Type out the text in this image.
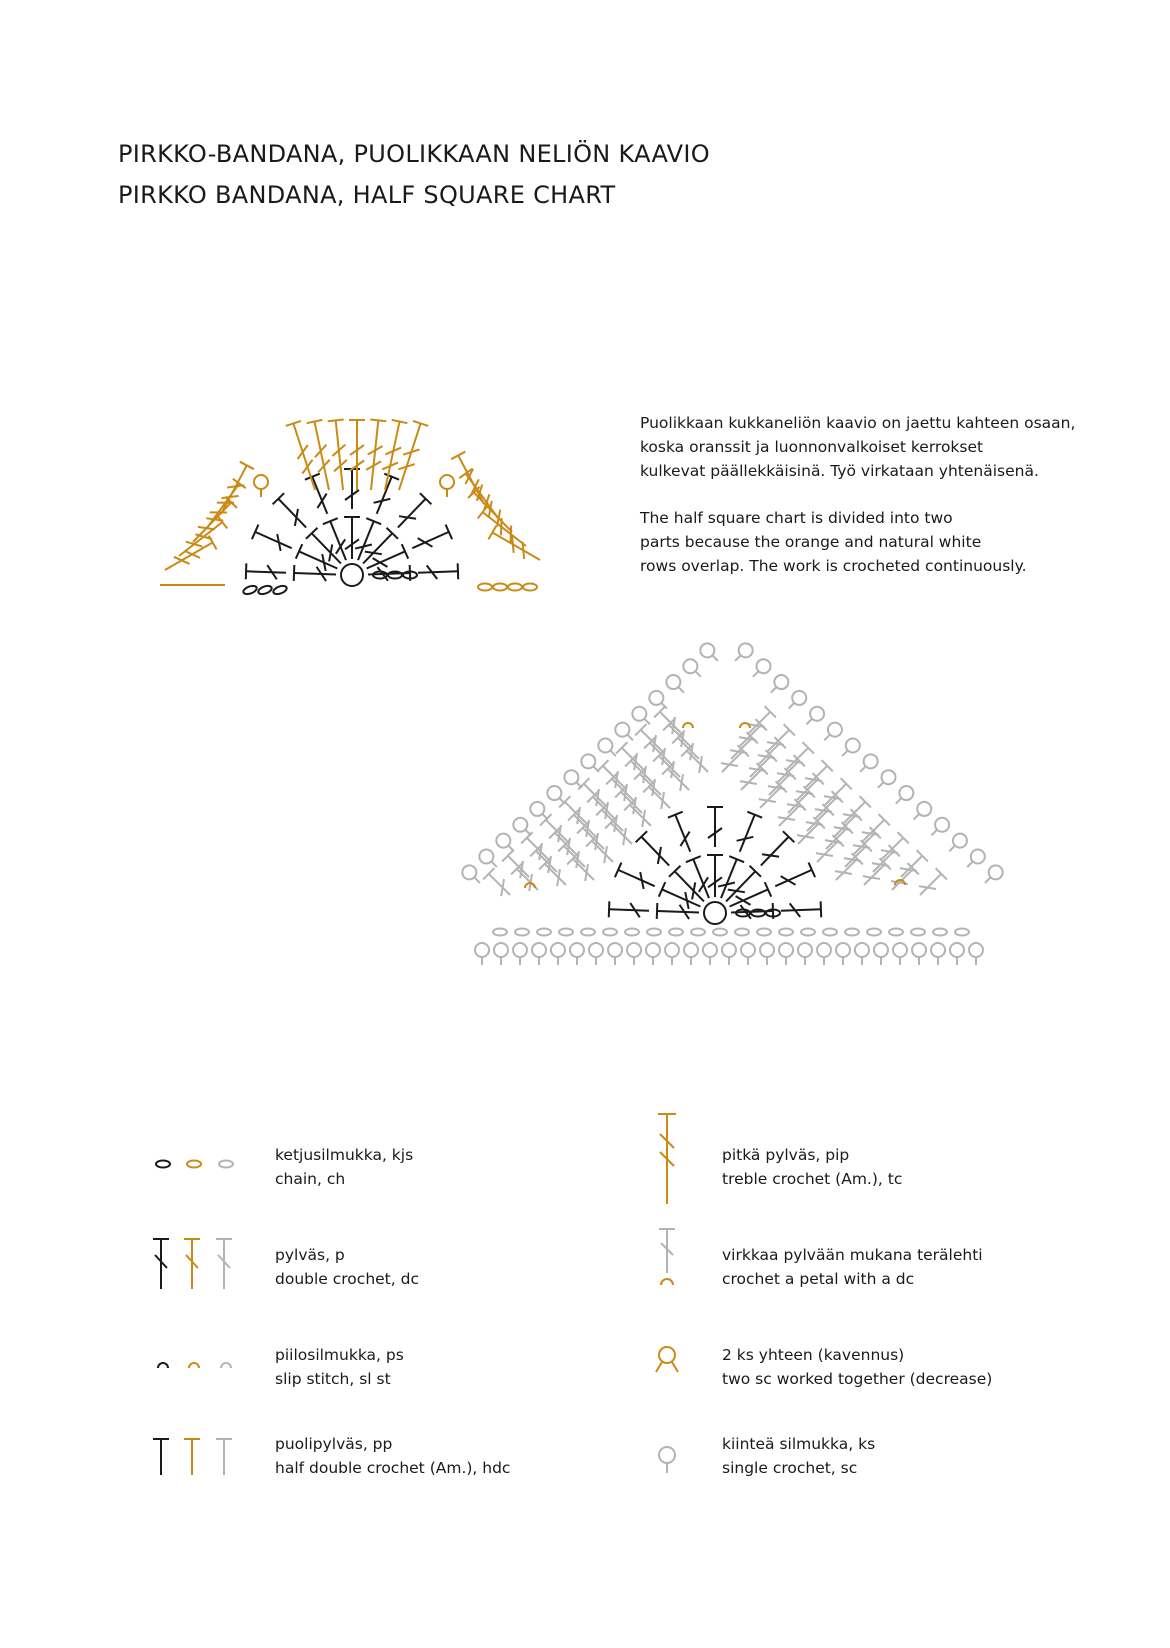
PIRKKO-BANDANA, PUOLIKKAAN NELIÖN KAAVIO
PIRKKO BANDANA, HALF SQUARE CHART

Puolikkaan kukkaneliön kaavio on jaettu kahteen osaan,

koska oranssit ja luonnonvalkoiset kerrokset

kulkevat päällekkäisinä. Työ virkataan yhtenäisenä.

The half square chart is divided into two

parts because the orange and natural white

rows overlap. The work is crocheted continuously.

ketjusilmukka, kjs
chain, ch
pylväs, p
double crochet, dc
piilosilmukka, ps
slip stitch, sl st
puolipylväs, pp
half double crochet (Am.), hdc
pitkä pylväs, pip
treble crochet (Am.), tc
virkkaa pylvään mukana terälehti
crochet a petal with a dc
2 ks yhteen (kavennus)
two sc worked together (decrease)
kiinteä silmukka, ks
single crochet, sc
